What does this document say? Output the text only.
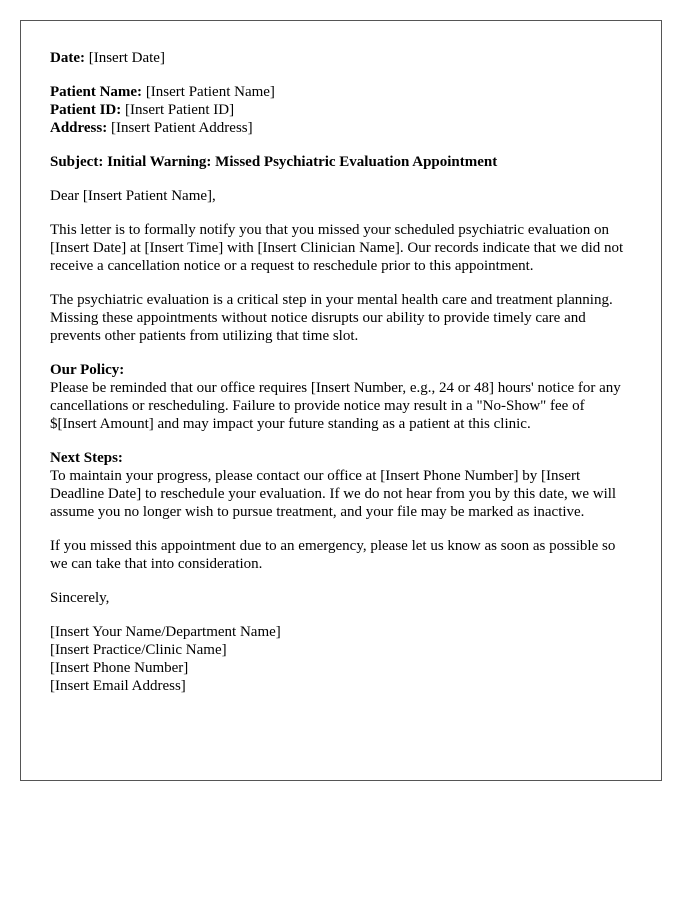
Date: [Insert Date]
Patient Name: [Insert Patient Name]
Patient ID: [Insert Patient ID]
Address: [Insert Patient Address]
Subject: Initial Warning: Missed Psychiatric Evaluation Appointment
Dear [Insert Patient Name],
This letter is to formally notify you that you missed your scheduled psychiatric evaluation on [Insert Date] at [Insert Time] with [Insert Clinician Name]. Our records indicate that we did not receive a cancellation notice or a request to reschedule prior to this appointment.
The psychiatric evaluation is a critical step in your mental health care and treatment planning. Missing these appointments without notice disrupts our ability to provide timely care and prevents other patients from utilizing that time slot.
Our Policy:
Please be reminded that our office requires [Insert Number, e.g., 24 or 48] hours' notice for any cancellations or rescheduling. Failure to provide notice may result in a "No-Show" fee of $[Insert Amount] and may impact your future standing as a patient at this clinic.
Next Steps:
To maintain your progress, please contact our office at [Insert Phone Number] by [Insert Deadline Date] to reschedule your evaluation. If we do not hear from you by this date, we will assume you no longer wish to pursue treatment, and your file may be marked as inactive.
If you missed this appointment due to an emergency, please let us know as soon as possible so we can take that into consideration.
Sincerely,
[Insert Your Name/Department Name]
[Insert Practice/Clinic Name]
[Insert Phone Number]
[Insert Email Address]
